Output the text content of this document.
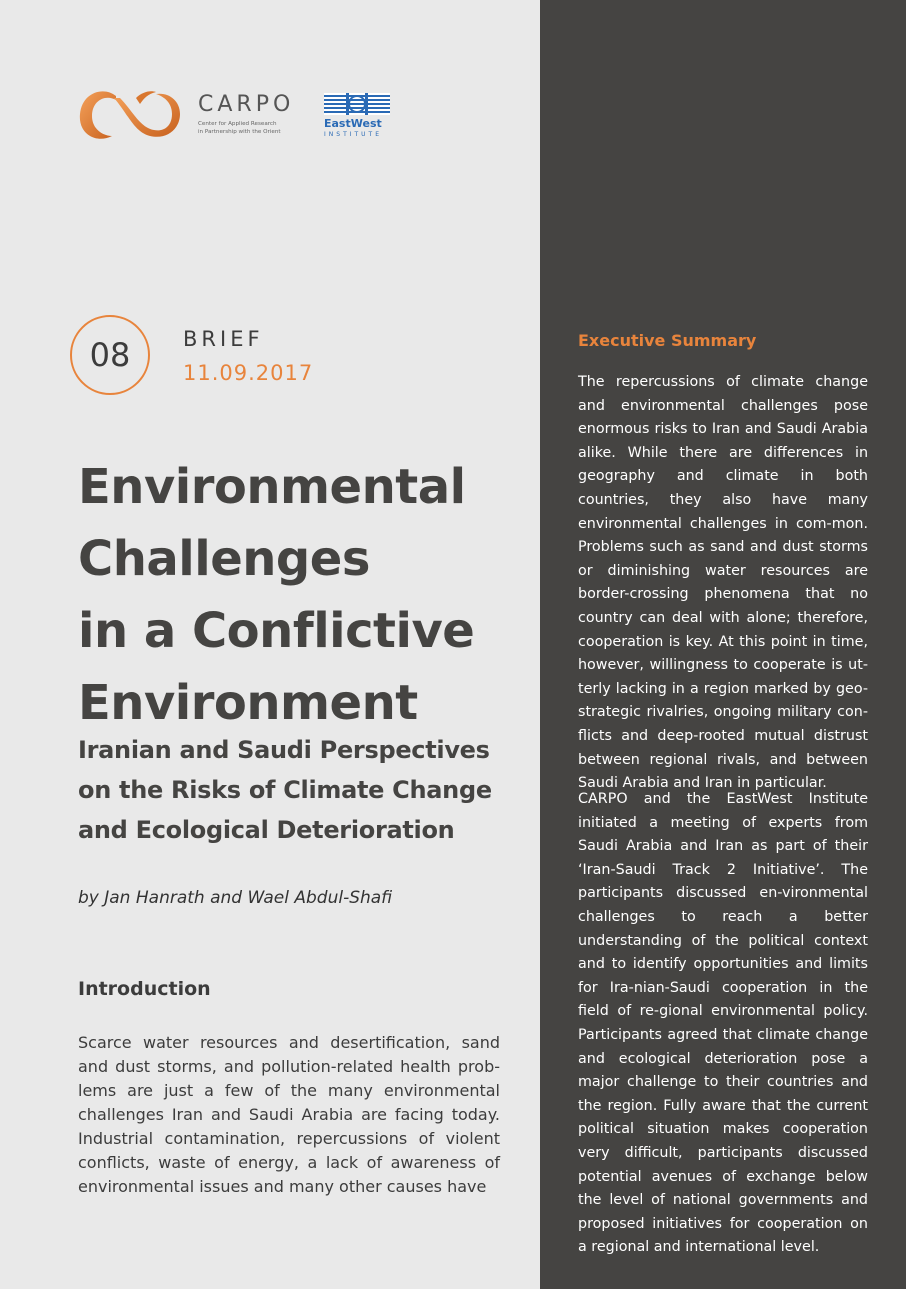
CARPO
Center for Applied Research
in Partnership with the Orient
EastWest
INSTITUTE
08	BRIEF
11.09.2017
Environmental
Challenges
in a Conflictive
Environment
Iranian and Saudi Perspectives
on the Risks of Climate Change
and Ecological Deterioration
by Jan Hanrath and Wael Abdul-Shafi
Introduction

Scarce water resources and desertification, sand and dust storms, and pollution-related health prob-lems are just a few of the many environmental challenges Iran and Saudi Arabia are facing today. Industrial contamination, repercussions of violent conflicts, waste of energy, a lack of awareness of environmental issues and many other causes have

Executive Summary

The repercussions of climate change and environmental challenges pose enormous risks to Iran and Saudi Arabia alike. While there are differences in geography and climate in both countries, they also have many environmental challenges in com-mon. Problems such as sand and dust storms or diminishing water resources are border-crossing phenomena that no country can deal with alone; therefore, cooperation is key. At this point in time, however, willingness to cooperate is ut-terly lacking in a region marked by geo-strategic rivalries, ongoing military con-flicts and deep-rooted mutual distrust between regional rivals, and between Saudi Arabia and Iran in particular.

CARPO and the EastWest Institute initiated a meeting of experts from Saudi Arabia and Iran as part of their ‘Iran-Saudi Track 2 Initiative’. The participants discussed en-vironmental challenges to reach a better understanding of the political context and to identify opportunities and limits for Ira-nian-Saudi cooperation in the field of re-gional environmental policy. Participants agreed that climate change and ecological deterioration pose a major challenge to their countries and the region. Fully aware that the current political situation makes cooperation very difficult, participants discussed potential avenues of exchange below the level of national governments and proposed initiatives for cooperation on a regional and international level.
